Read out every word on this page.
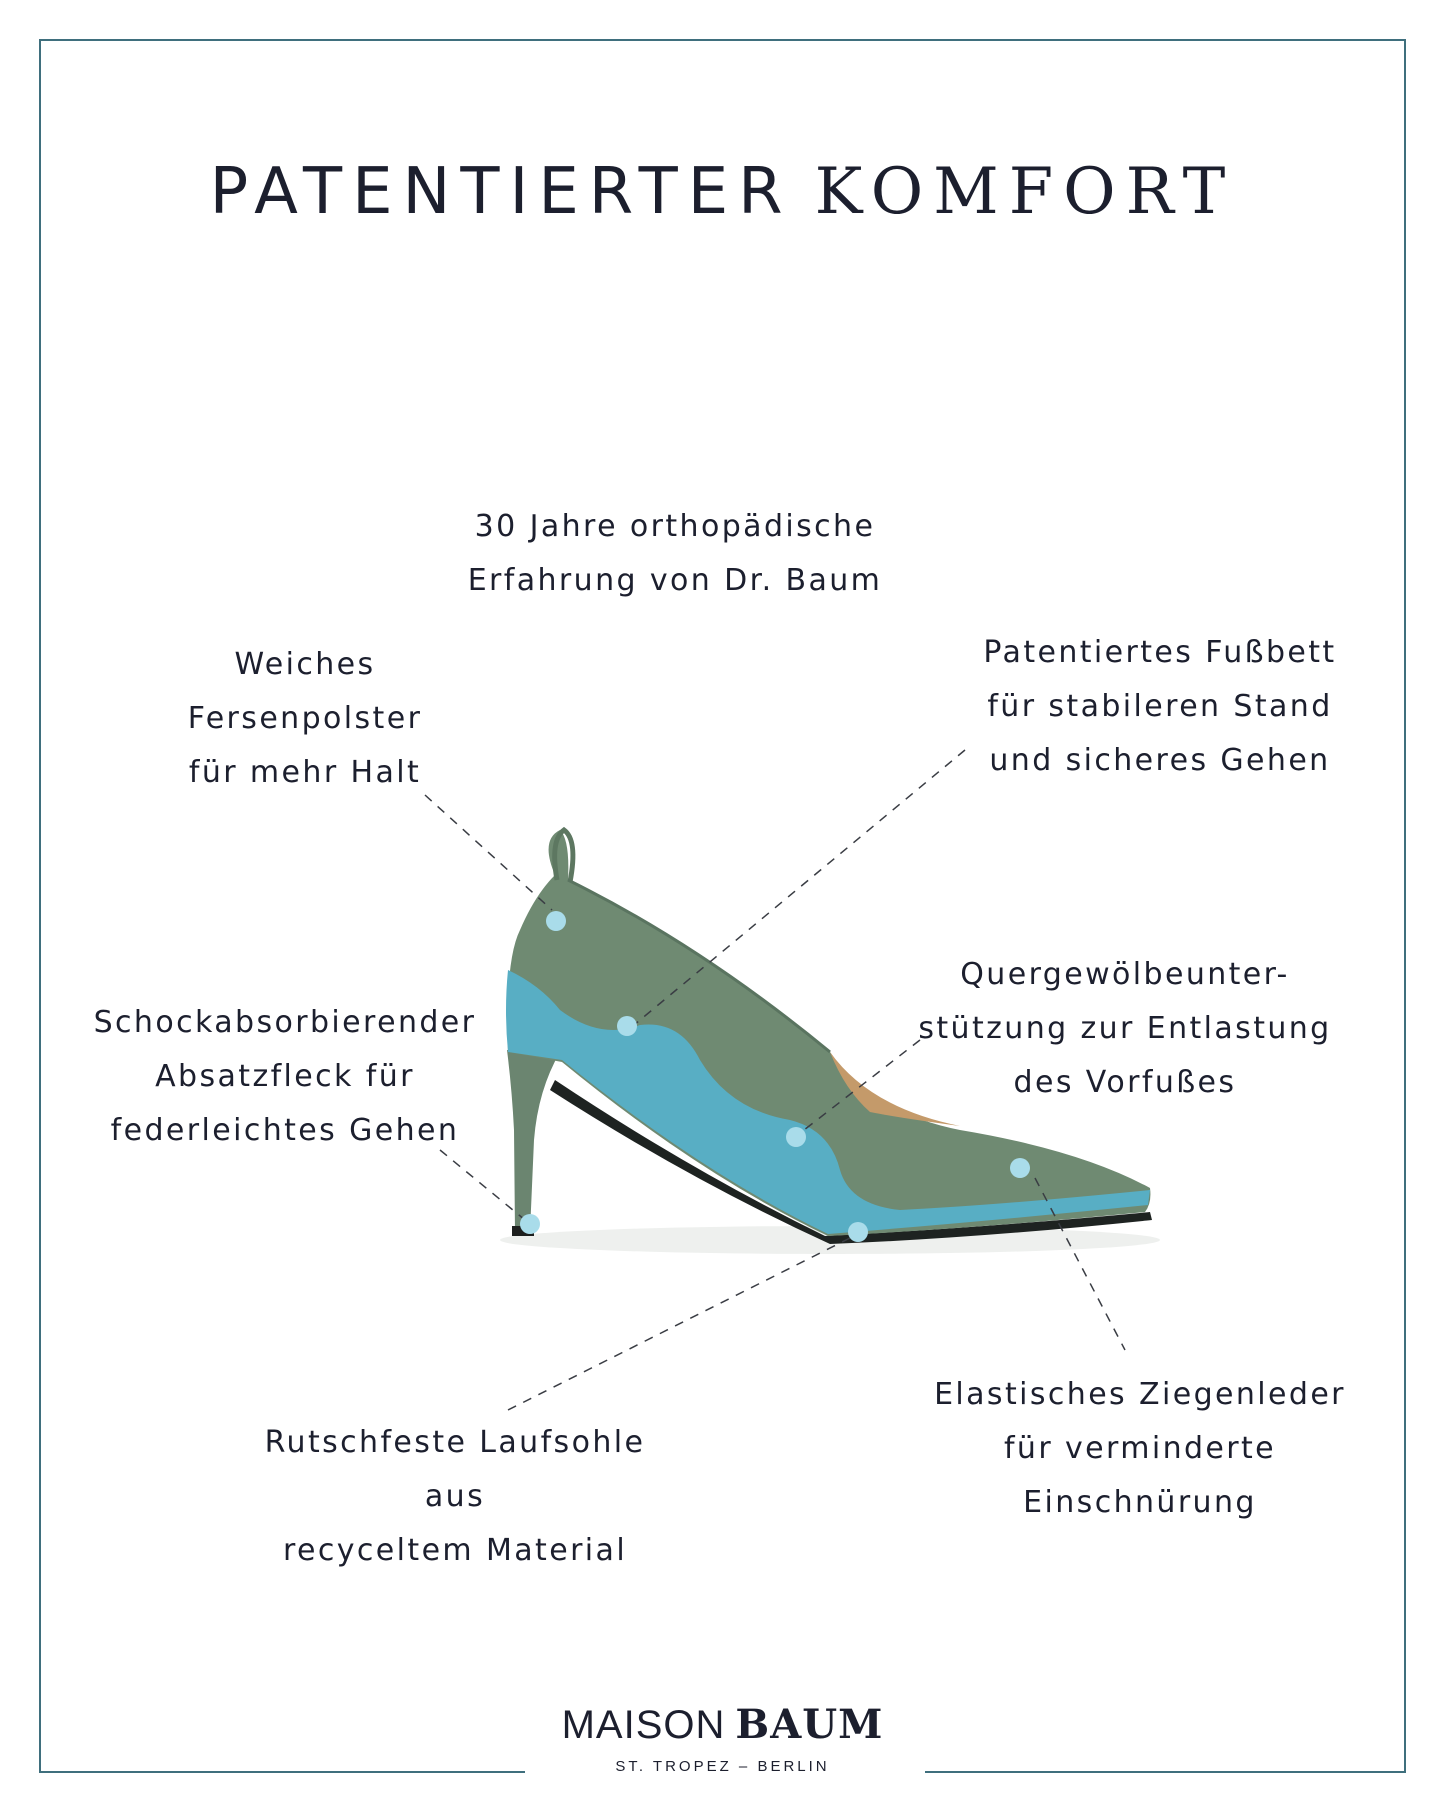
PATENTIERTER KOMFORT

30 Jahre orthopädische
Erfahrung von Dr. Baum

Weiches
Fersenpolster
für mehr Halt

Patentiertes Fußbett
für stabileren Stand
und sicheres Gehen

Schockabsorbierender
Absatzfleck für
federleichtes Gehen

Quergewölbeunter-
stützung zur Entlastung
des Vorfußes

Rutschfeste Laufsohle
aus
recyceltem Material

Elastisches Ziegenleder
für verminderte
Einschnürung

MAISON BAUM
ST. TROPEZ – BERLIN
